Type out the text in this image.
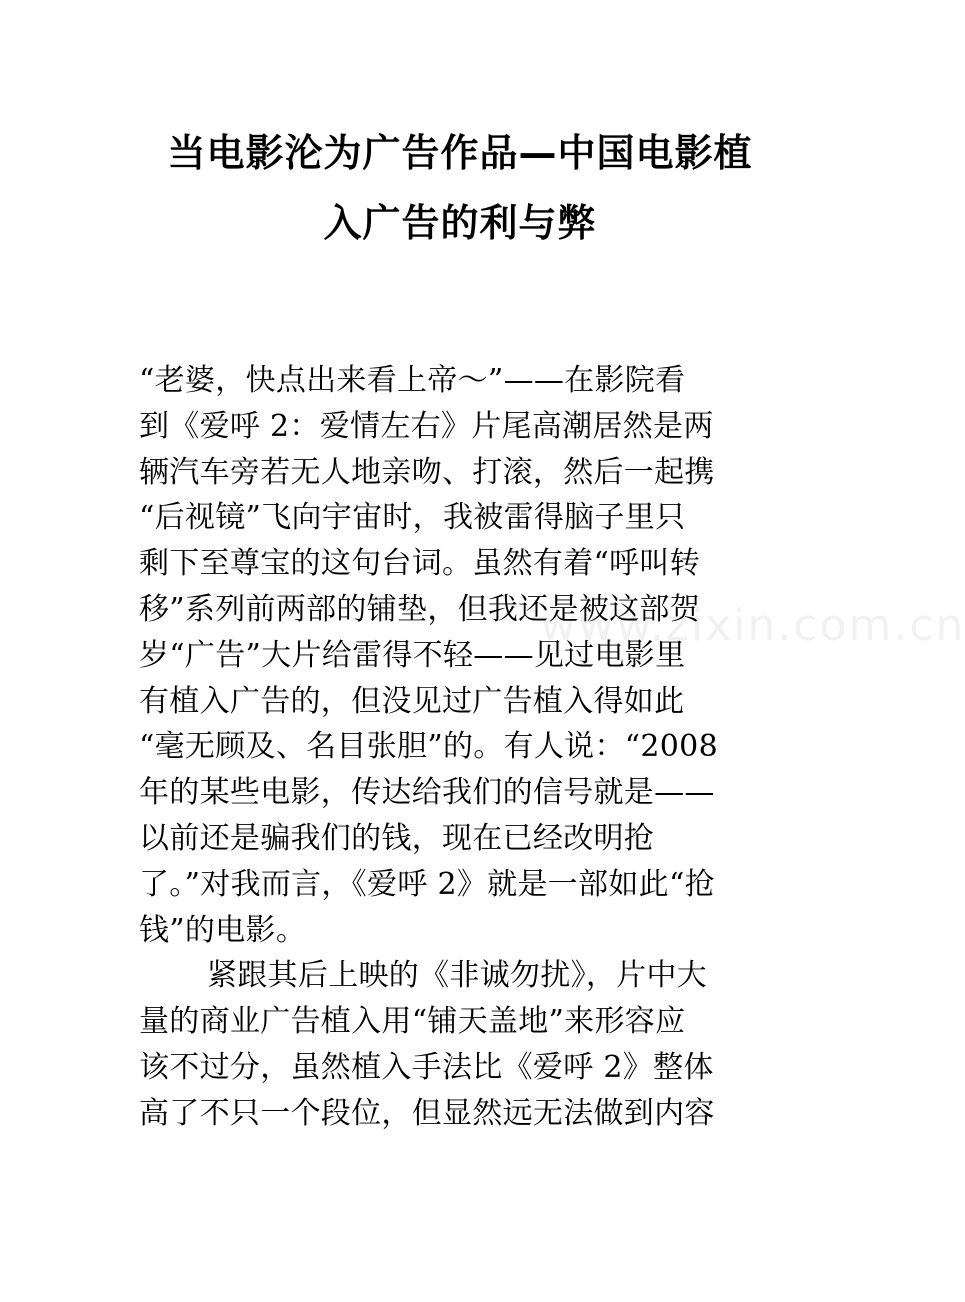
当电影沦为广告作品—中国电影植
入广告的利与弊
www.zixin.com.cn
“老婆，快点出来看上帝～”——在影院看
到《爱呼 2：爱情左右》片尾高潮居然是两
辆汽车旁若无人地亲吻、打滚，然后一起携
“后视镜”飞向宇宙时，我被雷得脑子里只
剩下至尊宝的这句台词。虽然有着“呼叫转
移”系列前两部的铺垫，但我还是被这部贺
岁“广告”大片给雷得不轻——见过电影里
有植入广告的，但没见过广告植入得如此
“毫无顾及、名目张胆”的。有人说：“2008
年的某些电影，传达给我们的信号就是——
以前还是骗我们的钱，现在已经改明抢
了。”对我而言，《爱呼 2》就是一部如此“抢
钱”的电影。
紧跟其后上映的《非诚勿扰》，片中大
量的商业广告植入用“铺天盖地”来形容应
该不过分，虽然植入手法比《爱呼 2》整体
高了不只一个段位，但显然远无法做到内容
